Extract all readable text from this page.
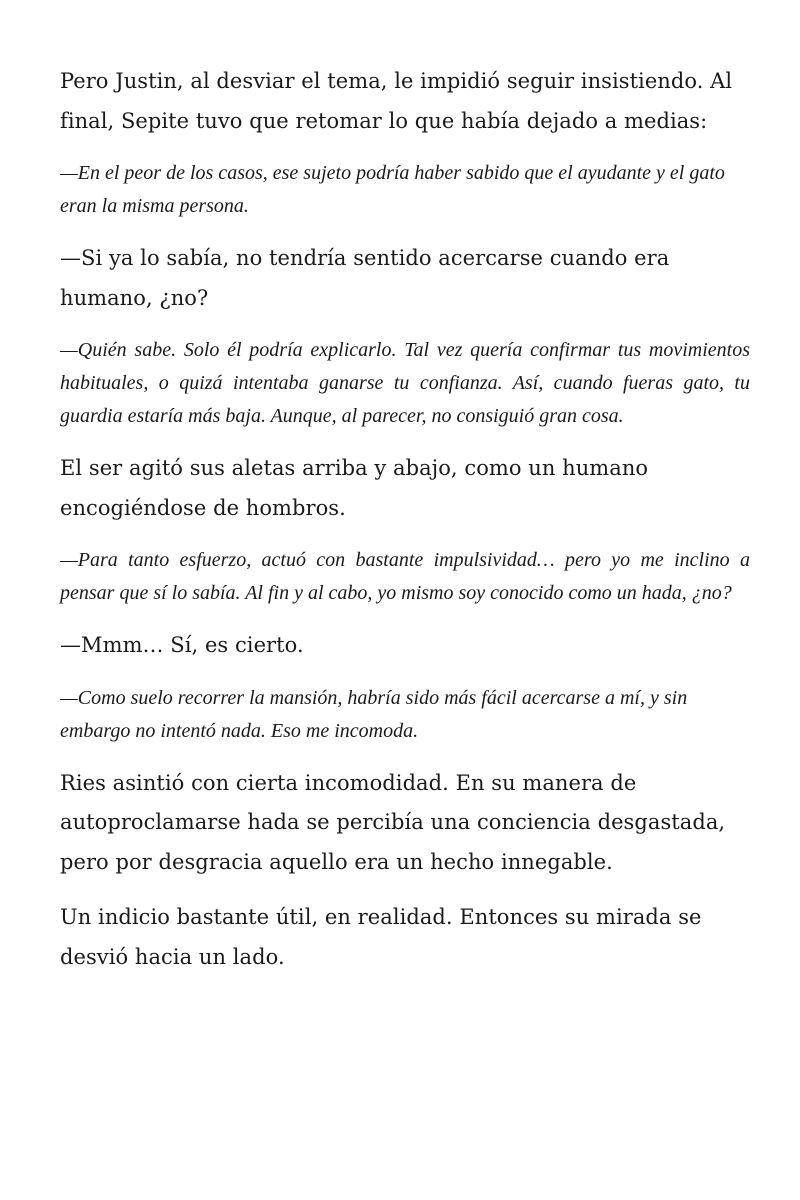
Pero Justin, al desviar el tema, le impidió seguir insistiendo. Al final, Sepite tuvo que retomar lo que había dejado a medias:

—En el peor de los casos, ese sujeto podría haber sabido que el ayudante y el gato eran la misma persona.

—Si ya lo sabía, no tendría sentido acercarse cuando era humano, ¿no?

—Quién sabe. Solo él podría explicarlo. Tal vez quería confirmar tus movimientos habituales, o quizá intentaba ganarse tu confianza. Así, cuando fueras gato, tu guardia estaría más baja. Aunque, al parecer, no consiguió gran cosa.

El ser agitó sus aletas arriba y abajo, como un humano encogiéndose de hombros.

—Para tanto esfuerzo, actuó con bastante impulsividad… pero yo me inclino a pensar que sí lo sabía. Al fin y al cabo, yo mismo soy conocido como un hada, ¿no?

—Mmm… Sí, es cierto.

—Como suelo recorrer la mansión, habría sido más fácil acercarse a mí, y sin embargo no intentó nada. Eso me incomoda.

Ries asintió con cierta incomodidad. En su manera de autoproclamarse hada se percibía una conciencia desgastada, pero por desgracia aquello era un hecho innegable.

Un indicio bastante útil, en realidad. Entonces su mirada se desvió hacia un lado.
